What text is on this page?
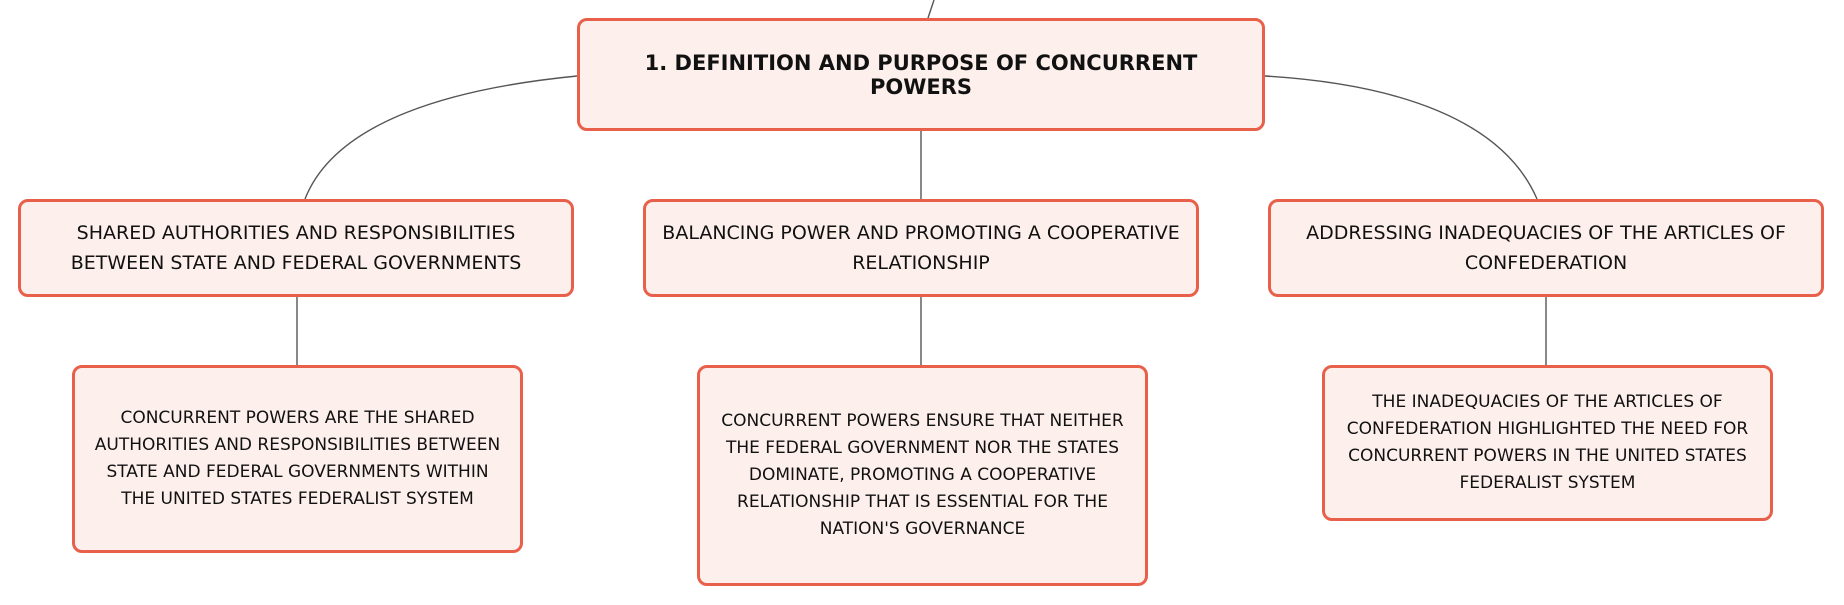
1. DEFINITION AND PURPOSE OF CONCURRENT POWERS
SHARED AUTHORITIES AND RESPONSIBILITIES BETWEEN STATE AND FEDERAL GOVERNMENTS
BALANCING POWER AND PROMOTING A COOPERATIVE RELATIONSHIP
ADDRESSING INADEQUACIES OF THE ARTICLES OF CONFEDERATION
CONCURRENT POWERS ARE THE SHARED AUTHORITIES AND RESPONSIBILITIES BETWEEN STATE AND FEDERAL GOVERNMENTS WITHIN THE UNITED STATES FEDERALIST SYSTEM
CONCURRENT POWERS ENSURE THAT NEITHER THE FEDERAL GOVERNMENT NOR THE STATES DOMINATE, PROMOTING A COOPERATIVE RELATIONSHIP THAT IS ESSENTIAL FOR THE NATION'S GOVERNANCE
THE INADEQUACIES OF THE ARTICLES OF CONFEDERATION HIGHLIGHTED THE NEED FOR CONCURRENT POWERS IN THE UNITED STATES FEDERALIST SYSTEM
